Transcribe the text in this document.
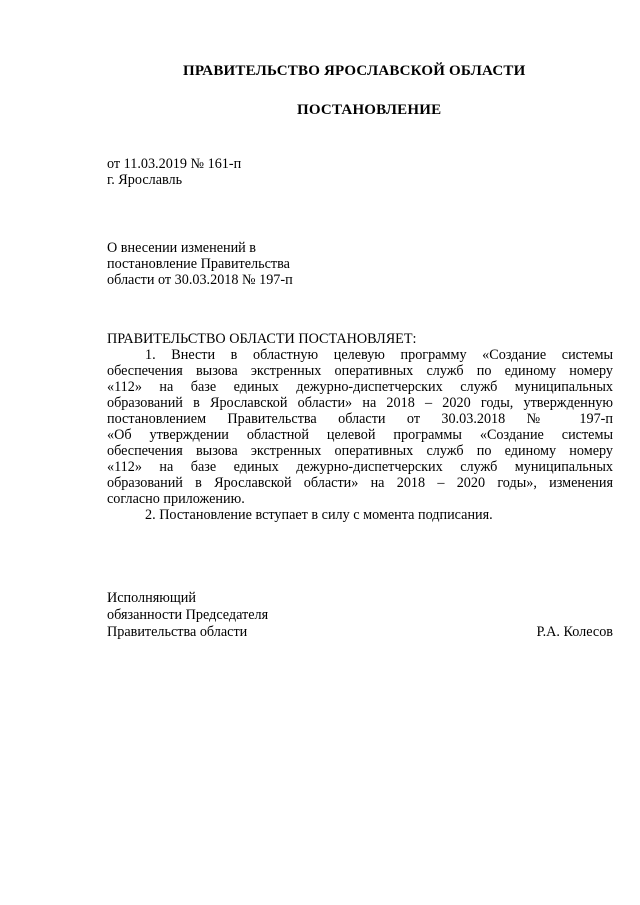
ПРАВИТЕЛЬСТВО ЯРОСЛАВСКОЙ ОБЛАСТИ
ПОСТАНОВЛЕНИЕ
от 11.03.2019 № 161-п
г. Ярославль
О внесении изменений в
постановление Правительства
области от 30.03.2018 № 197-п
ПРАВИТЕЛЬСТВО ОБЛАСТИ ПОСТАНОВЛЯЕТ:
1. Внести в областную целевую программу «Создание системы
обеспечения вызова экстренных оперативных служб по единому номеру
«112» на базе единых дежурно-диспетчерских служб муниципальных
образований в Ярославской области» на 2018 – 2020 годы, утвержденную
постановлением Правительства области от 30.03.2018 № 197-п
«Об утверждении областной целевой программы «Создание системы
обеспечения вызова экстренных оперативных служб по единому номеру
«112» на базе единых дежурно-диспетчерских служб муниципальных
образований в Ярославской области» на 2018 – 2020 годы», изменения
согласно приложению.
2. Постановление вступает в силу с момента подписания.
Исполняющий
обязанности Председателя
Правительства области	Р.А. Колесов
